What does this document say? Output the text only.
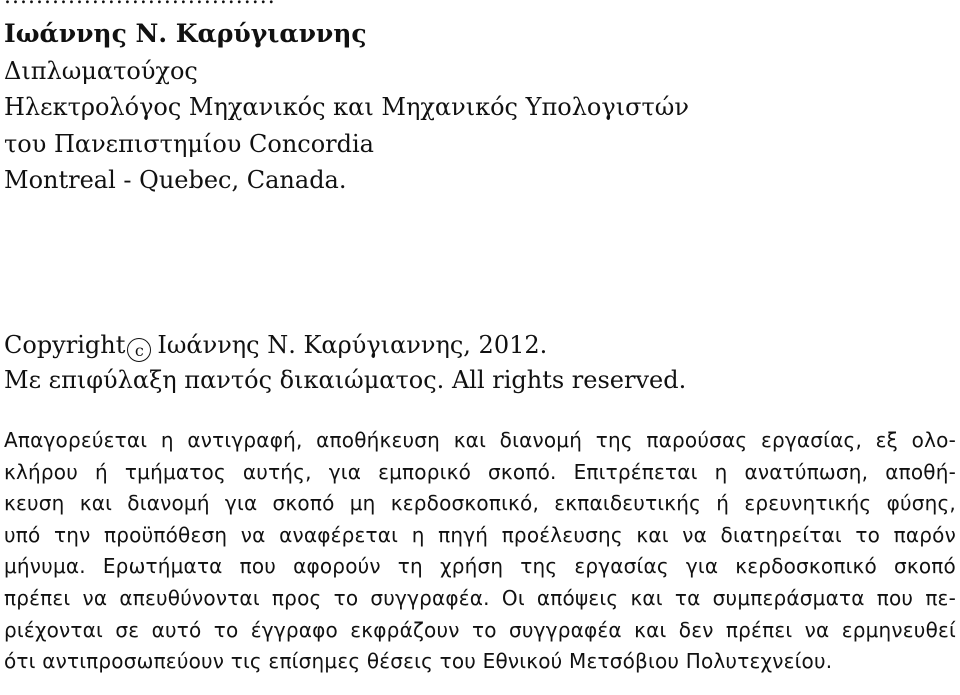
Ιωάννης Ν. Καρύγιαννης
Διπλωματούχος
Ηλεκτρολόγος Μηχανικός και Μηχανικός Υπολογιστών
του Πανεπιστημίου Concordia
Montreal - Quebec, Canada.
Copyright c Ιωάννης Ν. Καρύγιαννης, 2012.
Με επιφύλαξη παντός δικαιώματος. All rights reserved.
Απαγορεύεται η αντιγραφή, αποθήκευση και διανομή της παρούσας εργασίας, εξ ολο-
κλήρου ή τμήματος αυτής, για εμπορικό σκοπό. Επιτρέπεται η ανατύπωση, αποθή-
κευση και διανομή για σκοπό μη κερδοσκοπικό, εκπαιδευτικής ή ερευνητικής φύσης,
υπό την προϋπόθεση να αναφέρεται η πηγή προέλευσης και να διατηρείται το παρόν
μήνυμα. Ερωτήματα που αφορούν τη χρήση της εργασίας για κερδοσκοπικό σκοπό
πρέπει να απευθύνονται προς το συγγραφέα. Οι απόψεις και τα συμπεράσματα που πε-
ριέχονται σε αυτό το έγγραφο εκφράζουν το συγγραφέα και δεν πρέπει να ερμηνευθεί
ότι αντιπροσωπεύουν τις επίσημες θέσεις του Εθνικού Μετσόβιου Πολυτεχνείου.
